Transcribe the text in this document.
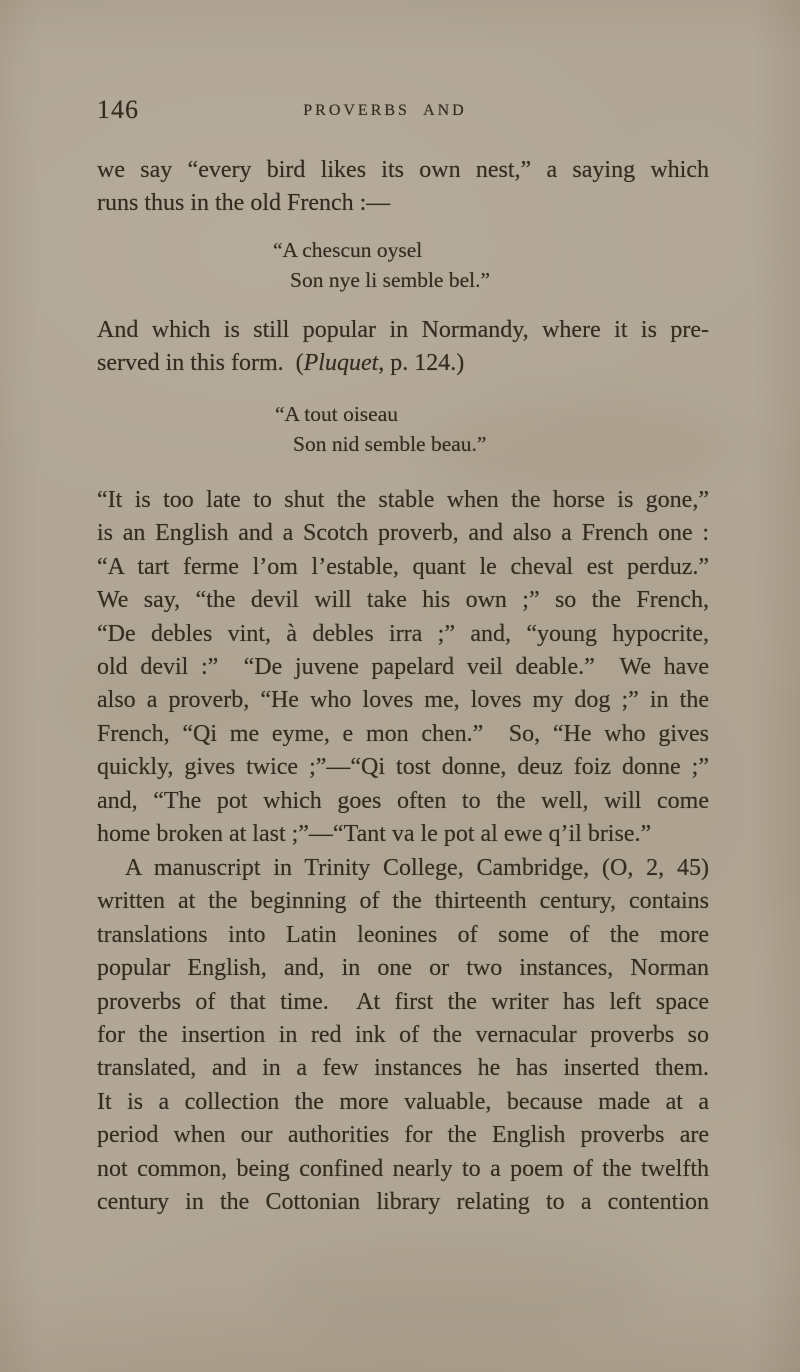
146	PROVERBS AND
we say “every bird likes its own nest,” a saying which
runs thus in the old French :—
“A chescun oysel
Son nye li semble bel.”
And which is still popular in Normandy, where it is pre-
served in this form.  (Pluquet, p. 124.)
“A tout oiseau
Son nid semble beau.”
“It is too late to shut the stable when the horse is gone,”
is an English and a Scotch proverb, and also a French one :
“A tart ferme l’om l’estable, quant le cheval est perduz.”
We say, “the devil will take his own ;” so the French,
“De debles vint, à debles irra ;” and, “young hypocrite,
old devil :”  “De juvene papelard veil deable.”  We have
also a proverb, “He who loves me, loves my dog ;” in the
French, “Qi me eyme, e mon chen.”  So, “He who gives
quickly, gives twice ;”—“Qi tost donne, deuz foiz donne ;”
and, “The pot which goes often to the well, will come
home broken at last ;”—“Tant va le pot al ewe q’il brise.”
A manuscript in Trinity College, Cambridge, (O, 2, 45)
written at the beginning of the thirteenth century, contains
translations into Latin leonines of some of the more
popular English, and, in one or two instances, Norman
proverbs of that time.  At first the writer has left space
for the insertion in red ink of the vernacular proverbs so
translated, and in a few instances he has inserted them.
It is a collection the more valuable, because made at a
period when our authorities for the English proverbs are
not common, being confined nearly to a poem of the twelfth
century in the Cottonian library relating to a contention
